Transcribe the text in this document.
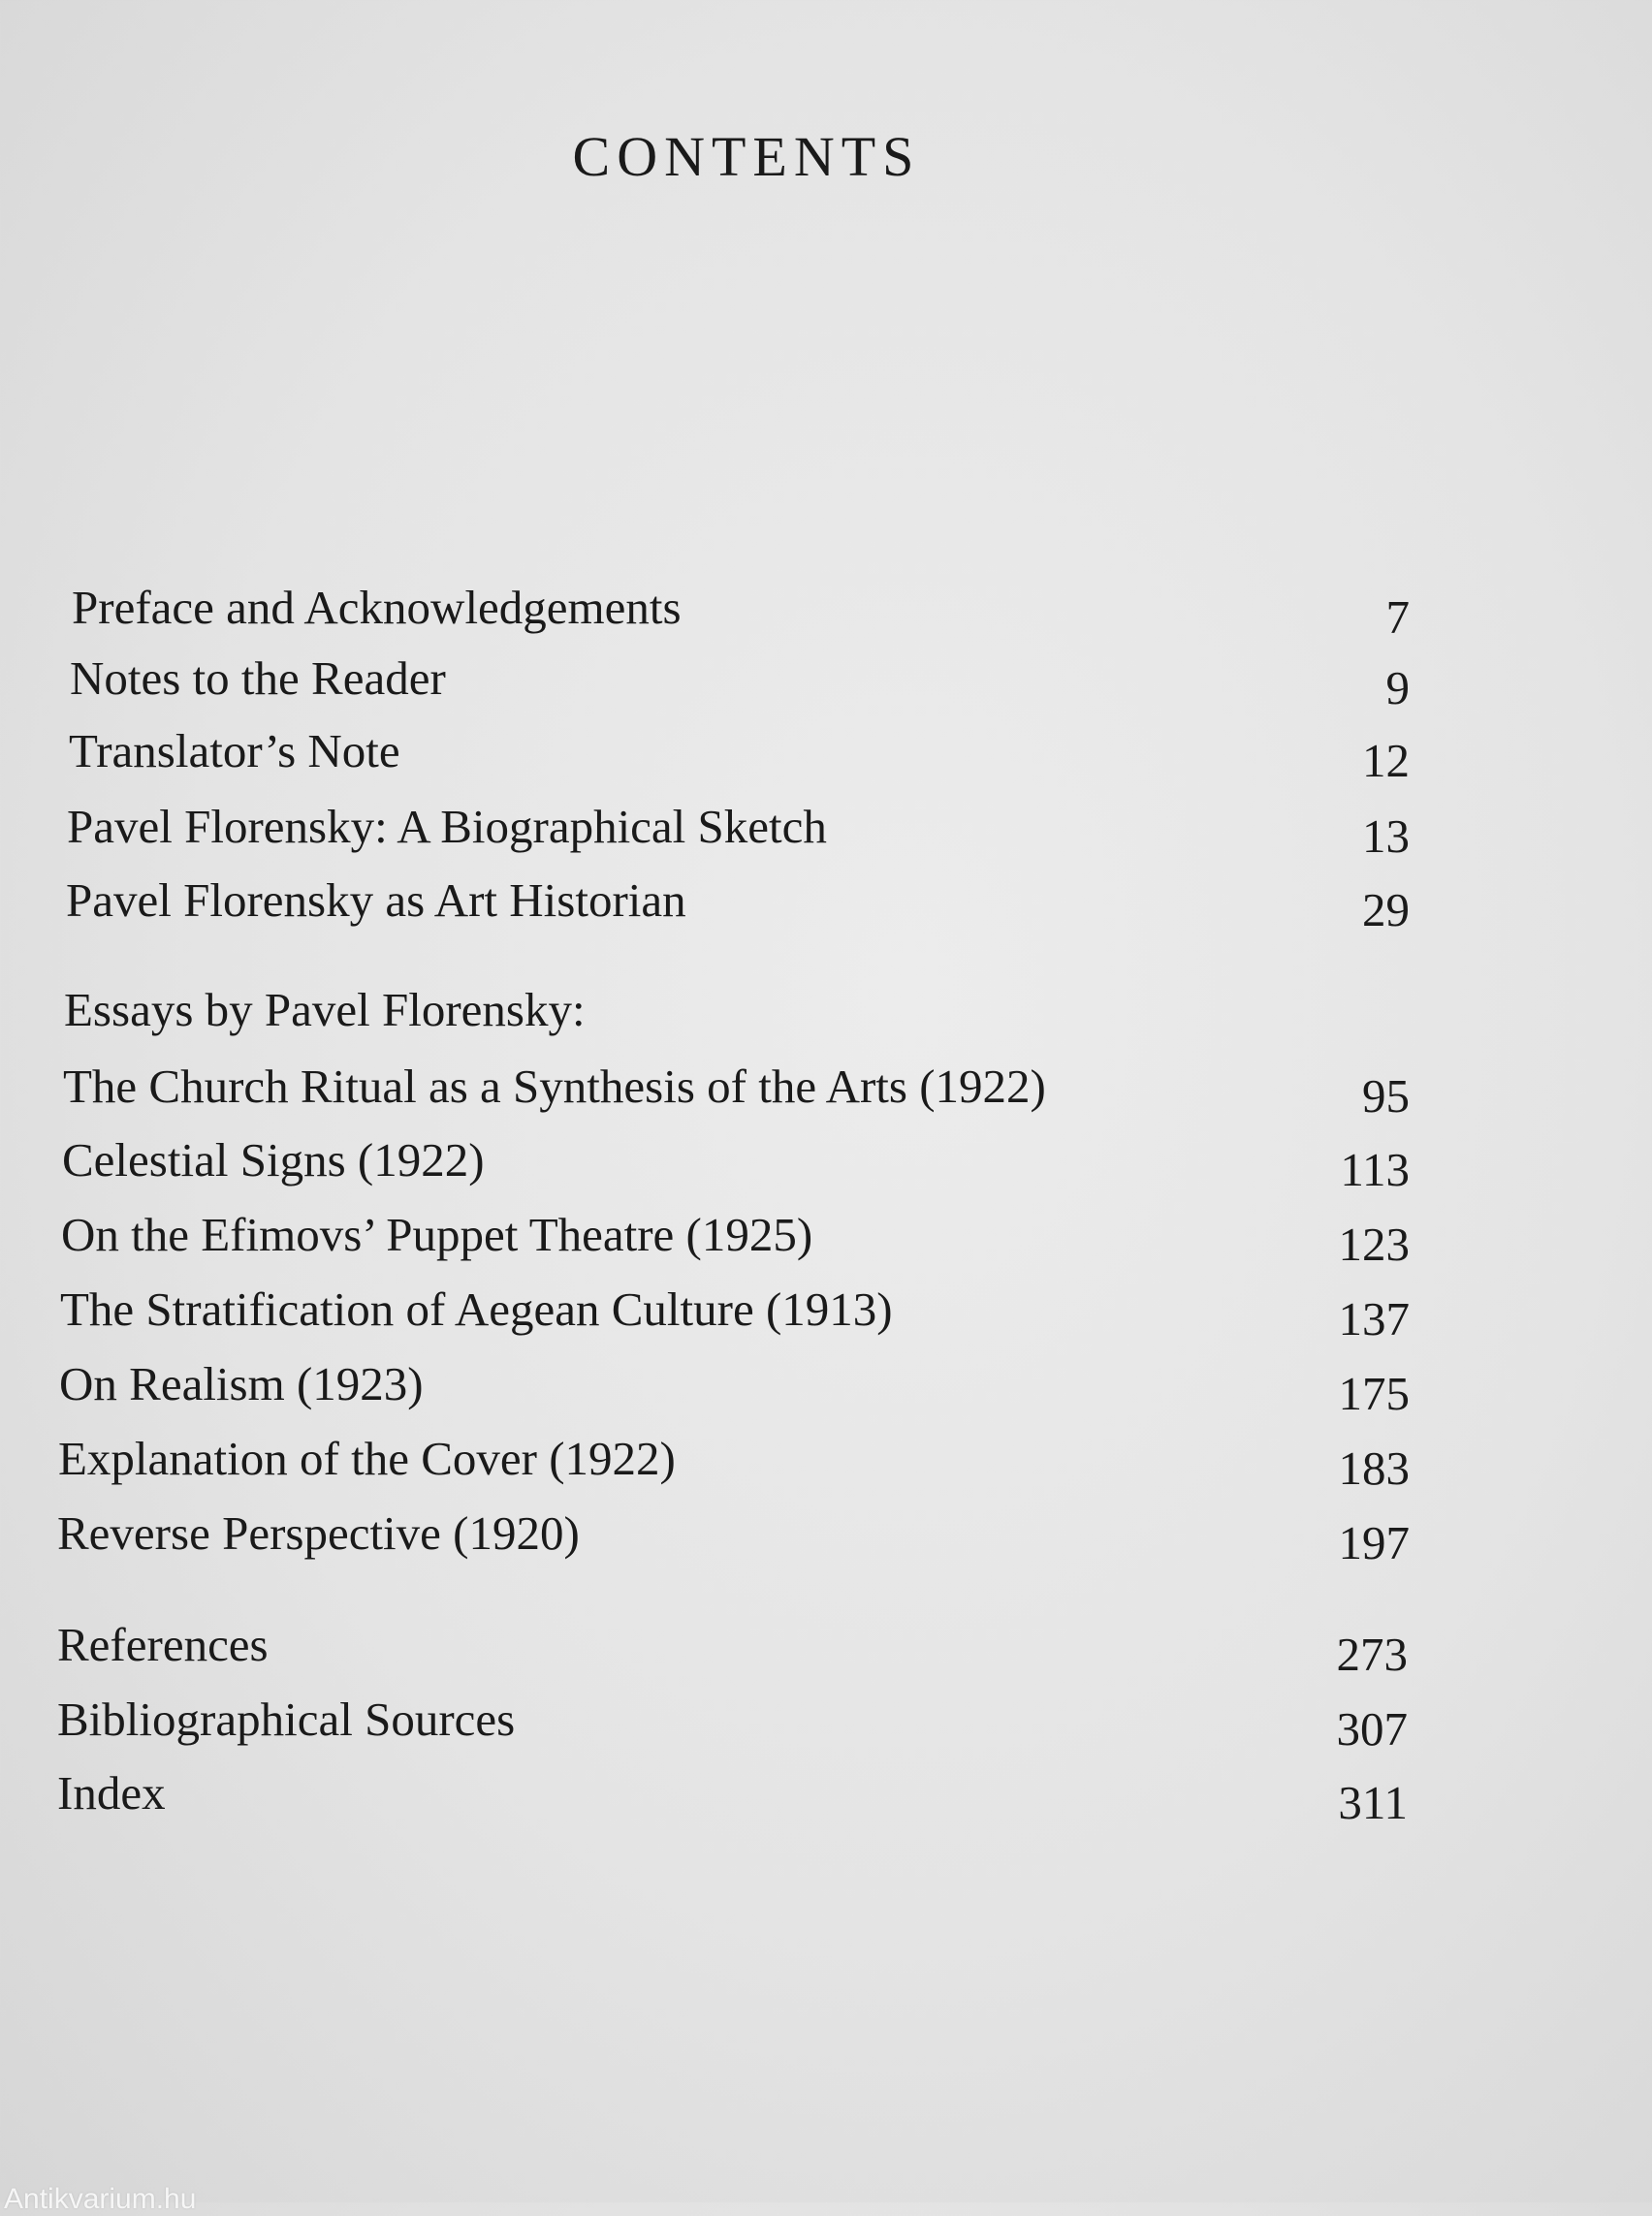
CONTENTS
Preface and Acknowledgements	7
Notes to the Reader	9
Translator’s Note	12
Pavel Florensky: A Biographical Sketch	13
Pavel Florensky as Art Historian	29
Essays by Pavel Florensky:
The Church Ritual as a Synthesis of the Arts (1922)	95
Celestial Signs (1922)	113
On the Efimovs’ Puppet Theatre (1925)	123
The Stratification of Aegean Culture (1913)	137
On Realism (1923)	175
Explanation of the Cover (1922)	183
Reverse Perspective (1920)	197
References	273
Bibliographical Sources	307
Index	311
Antikvarium.hu
